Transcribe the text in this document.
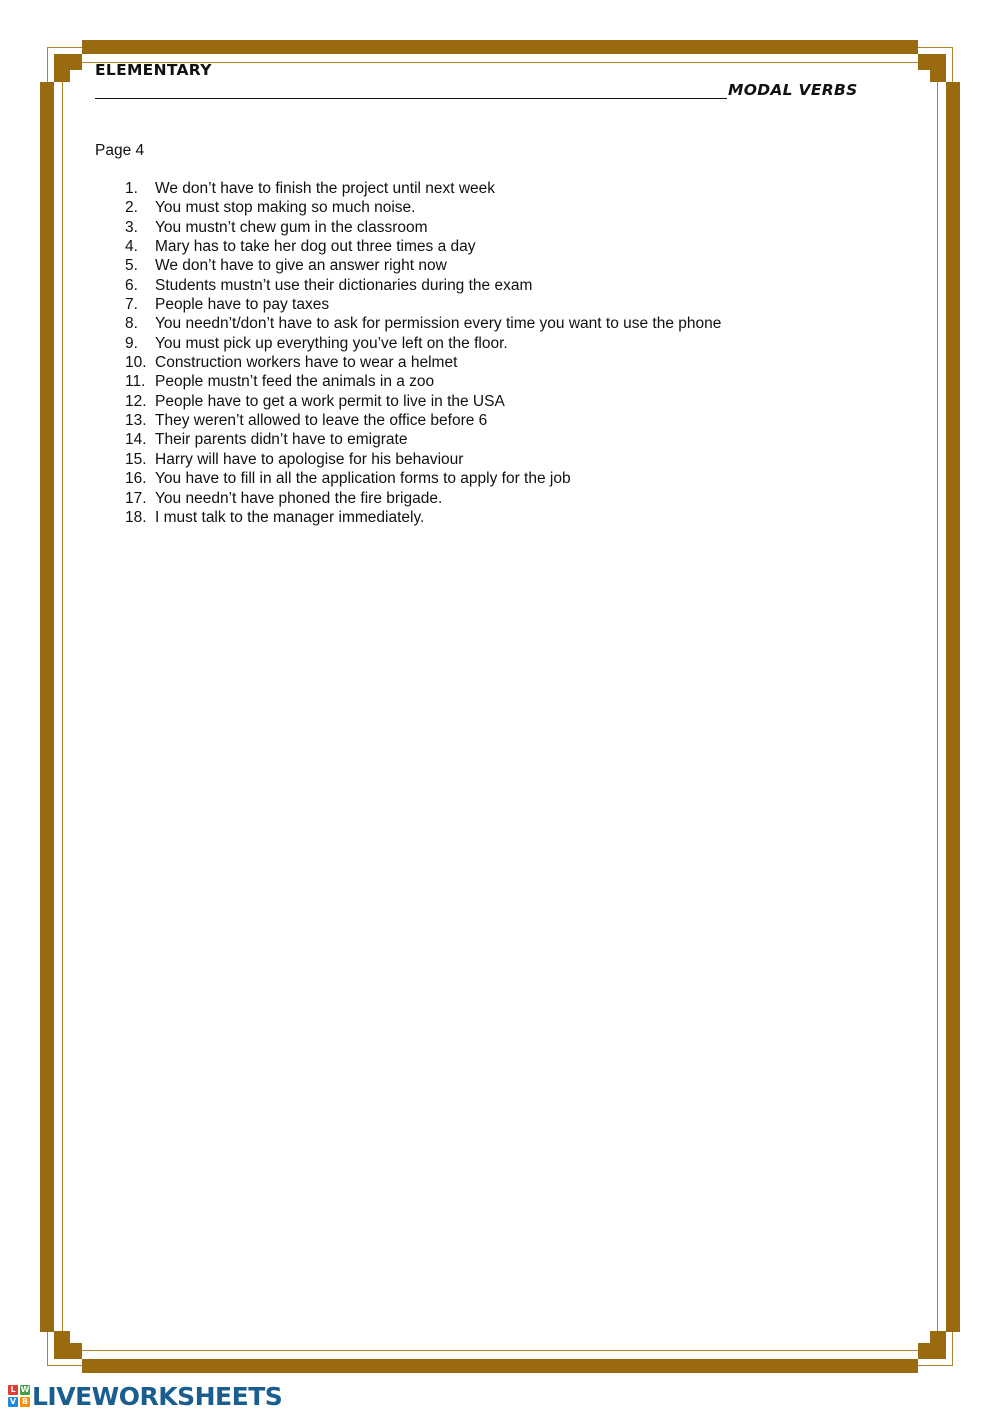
ELEMENTARY
MODAL VERBS
Page 4
1. We don’t have to finish the project until next week
2. You must stop making so much noise.
3. You mustn’t chew gum in the classroom
4. Mary has to take her dog out three times a day
5. We don’t have to give an answer right now
6. Students mustn’t use their dictionaries during the exam
7. People have to pay taxes
8. You needn’t/don’t have to ask for permission every time you want to use the phone
9. You must pick up everything you’ve left on the floor.
10. Construction workers have to wear a helmet
11. People mustn’t feed the animals in a zoo
12. People have to get a work permit to live in the USA
13. They weren’t allowed to leave the office before 6
14. Their parents didn’t have to emigrate
15. Harry will have to apologise for his behaviour
16. You have to fill in all the application forms to apply for the job
17. You needn’t have phoned the fire brigade.
18. I must talk to the manager immediately.
L W
V B LIVEWORKSHEETS
